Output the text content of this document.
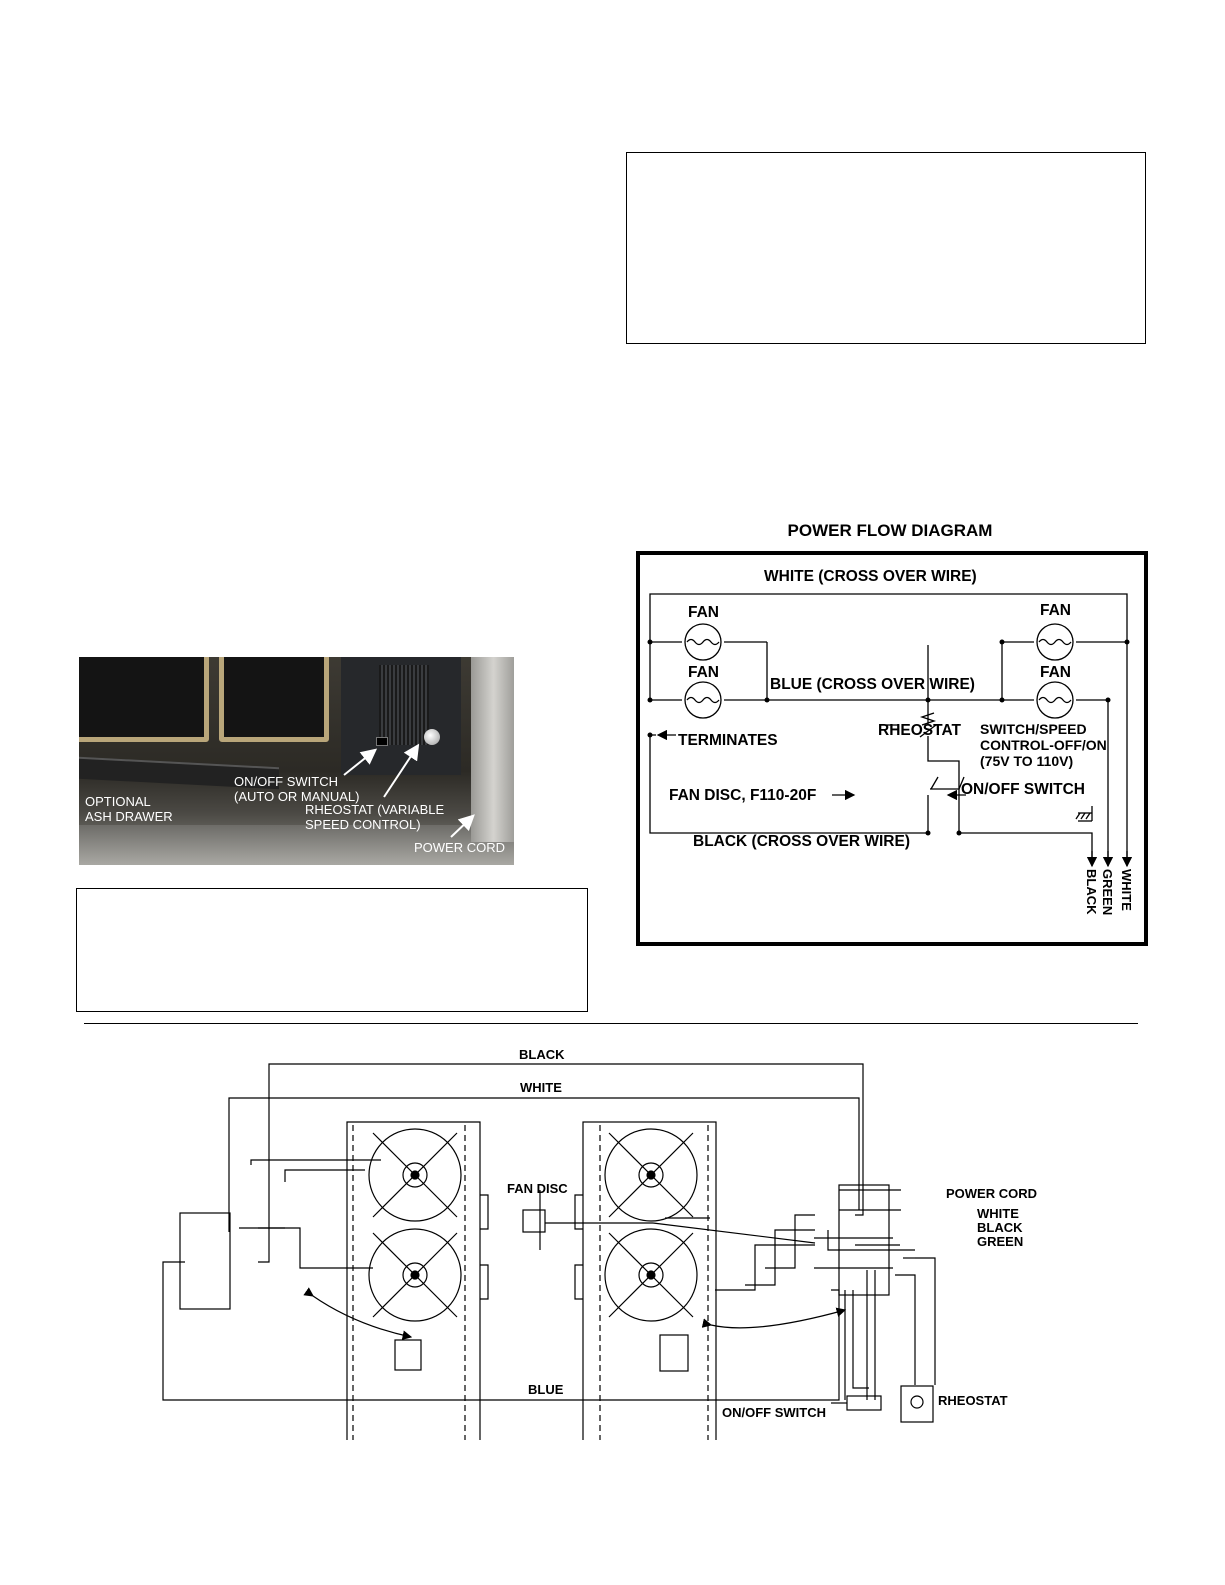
OPTIONAL
ASH DRAWER
ON/OFF SWITCH
(AUTO OR MANUAL)
RHEOSTAT (VARIABLE
SPEED CONTROL)
POWER CORD
POWER FLOW DIAGRAM
WHITE (CROSS OVER WIRE)
FAN
FAN
FAN
FAN
BLUE (CROSS OVER WIRE)
TERMINATES
RHEOSTAT SWITCH/SPEED
CONTROL-OFF/ON
(75V TO 110V)
FAN DISC, F110-20F	ON/OFF SWITCH
BLACK (CROSS OVER WIRE)
BLACK GREEN WHITE
BLACK
WHITE
BLUE
FAN DISC	POWER CORD
WHITE
BLACK
GREEN
ON/OFF SWITCH
RHEOSTAT
